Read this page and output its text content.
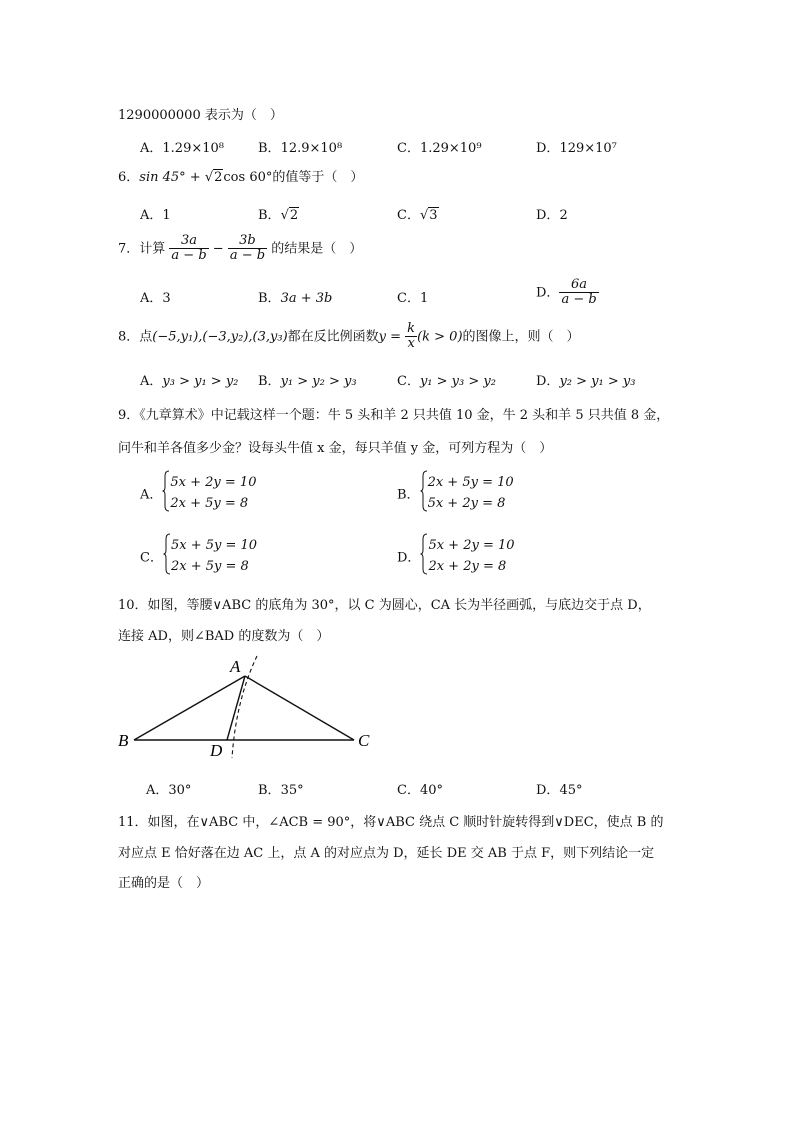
1290000000 表示为（　）
A．1.29×10⁸	B．12.9×10⁸	C．1.29×10⁹	D．129×10⁷
6．sin 45° + √2cos 60°的值等于（　）
A．1	B．√2	C．√3	D．2
7．计算 $\frac{3a}{a - b} - \frac{3b}{a - b}$ 的结果是（　）
A．3	B．3a + 3b	C．1	D． $\frac{6a}{a - b}$
8．点(−5,y₁),(−3,y₂),(3,y₃)都在反比例函数$y = \frac{k}{x} (k > 0)$的图像上，则（　）
A．y₃ > y₁ > y₂ B．y₁ > y₂ > y₃	C．y₁ > y₃ > y₂	D．y₂ > y₁ > y₃
9．《九章算术》中记载这样一个题：牛 5 头和羊 2 只共值 10 金，牛 2 头和羊 5 只共值 8 金，
问牛和羊各值多少金？设每头牛值 x 金，每只羊值 y 金，可列方程为（　）
A．
5x + 2y = 10
2x + 5y = 8
B．
2x + 5y = 10
5x + 2y = 8
C．
5x + 5y = 10
2x + 5y = 8
D．
5x + 2y = 10
2x + 2y = 8
10．如图，等腰∨ABC 的底角为 30°，以 C 为圆心，CA 长为半径画弧，与底边交于点 D，
连接 AD，则∠BAD 的度数为（　）
A
B	C
D
A．30°	B．35°	C．40°	D．45°
11．如图，在∨ABC 中，∠ACB = 90°，将∨ABC 绕点 C 顺时针旋转得到∨DEC，使点 B 的
对应点 E 恰好落在边 AC 上，点 A 的对应点为 D，延长 DE 交 AB 于点 F，则下列结论一定
正确的是（　）
